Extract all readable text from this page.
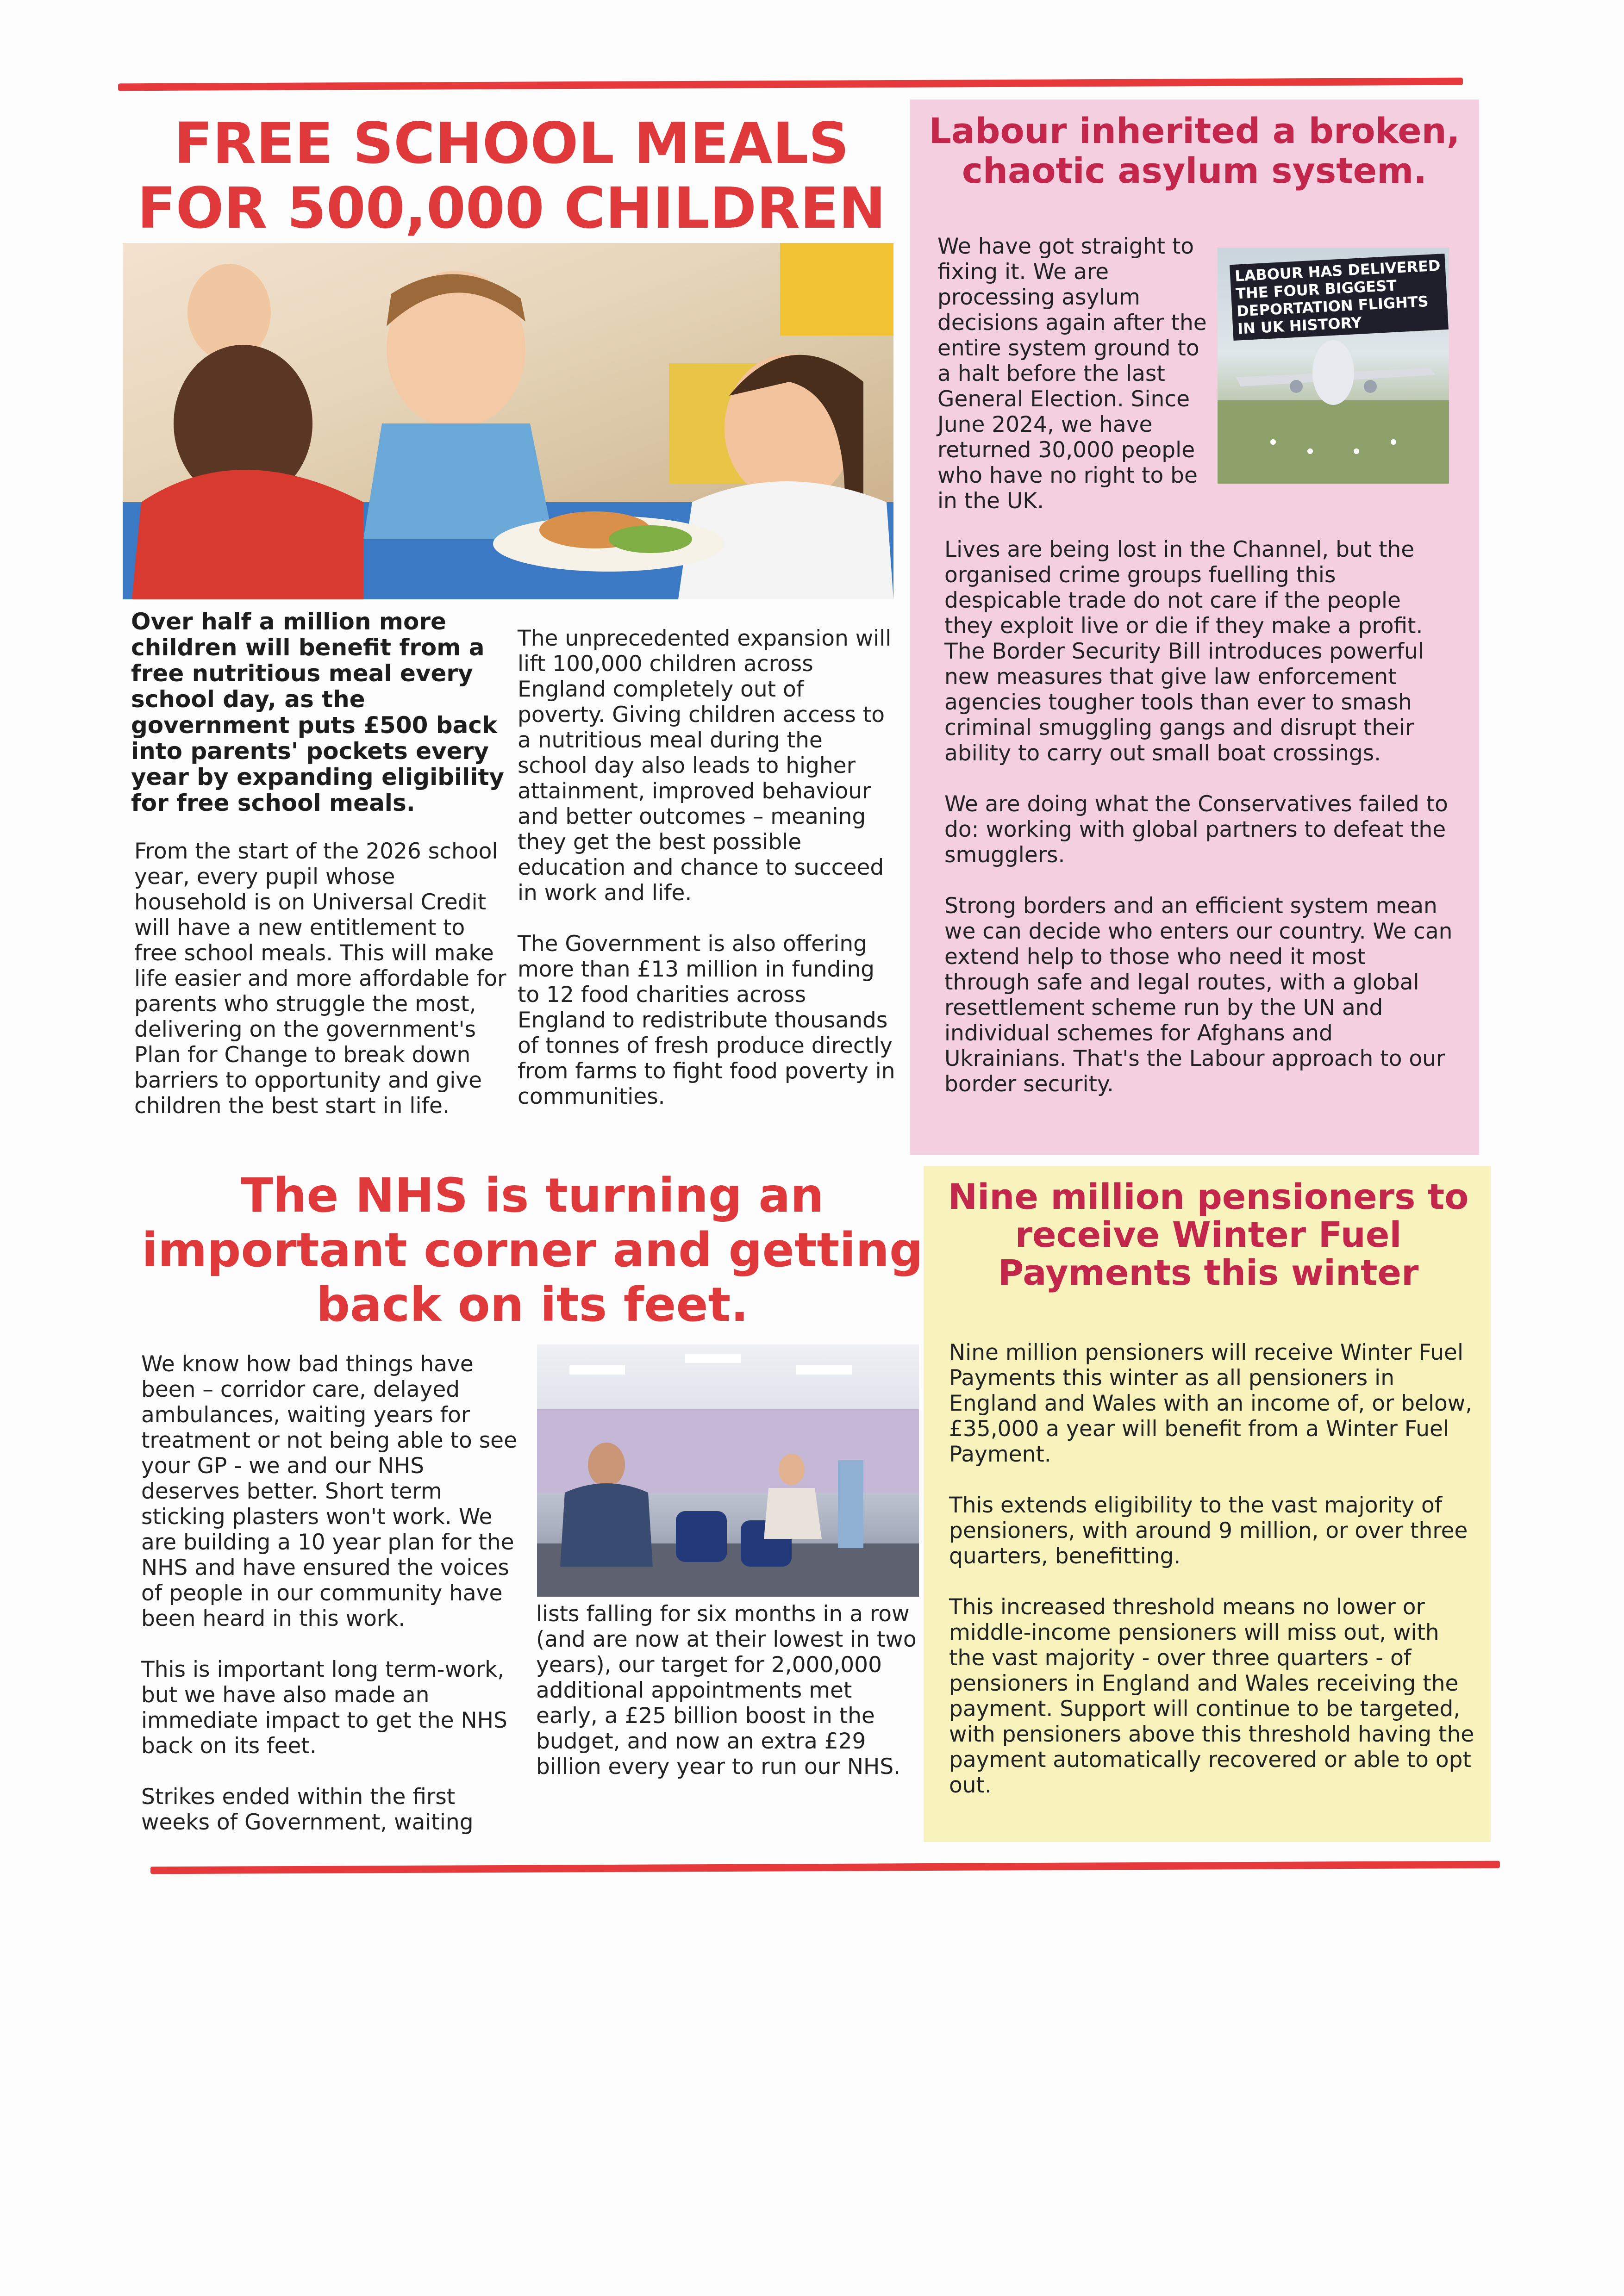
FREE SCHOOL MEALS FOR 500,000 CHILDREN
Over half a million more children will benefit from a free nutritious meal every school day, as the government puts £500 back into parents' pockets every year by expanding eligibility for free school meals.

From the start of the 2026 school year, every pupil whose household is on Universal Credit will have a new entitlement to free school meals. This will make life easier and more affordable for parents who struggle the most, delivering on the government's Plan for Change to break down barriers to opportunity and give children the best start in life.

The unprecedented expansion will lift 100,000 children across England completely out of poverty. Giving children access to a nutritious meal during the school day also leads to higher attainment, improved behaviour and better outcomes – meaning they get the best possible education and chance to succeed in work and life.

The Government is also offering more than £13 million in funding to 12 food charities across England to redistribute thousands of tonnes of fresh produce directly from farms to fight food poverty in communities.

Labour inherited a broken, chaotic asylum system.

We have got straight to fixing it. We are processing asylum decisions again after the entire system ground to a halt before the last General Election. Since June 2024, we have returned 30,000 people who have no right to be in the UK.

Lives are being lost in the Channel, but the organised crime groups fuelling this despicable trade do not care if the people they exploit live or die if they make a profit. The Border Security Bill introduces powerful new measures that give law enforcement agencies tougher tools than ever to smash criminal smuggling gangs and disrupt their ability to carry out small boat crossings.

We are doing what the Conservatives failed to do: working with global partners to defeat the smugglers.

Strong borders and an efficient system mean we can decide who enters our country. We can extend help to those who need it most through safe and legal routes, with a global resettlement scheme run by the UN and individual schemes for Afghans and Ukrainians. That's the Labour approach to our border security.

LABOUR HAS DELIVERED THE FOUR BIGGEST DEPORTATION FLIGHTS IN UK HISTORY
The NHS is turning an important corner and getting back on its feet.

We know how bad things have been – corridor care, delayed ambulances, waiting years for treatment or not being able to see your GP - we and our NHS deserves better. Short term sticking plasters won't work. We are building a 10 year plan for the NHS and have ensured the voices of people in our community have been heard in this work.

This is important long term-work, but we have also made an immediate impact to get the NHS back on its feet.

Strikes ended within the first weeks of Government, waiting

lists falling for six months in a row (and are now at their lowest in two years), our target for 2,000,000 additional appointments met early, a £25 billion boost in the budget, and now an extra £29 billion every year to run our NHS.

Nine million pensioners to receive Winter Fuel Payments this winter

Nine million pensioners will receive Winter Fuel Payments this winter as all pensioners in England and Wales with an income of, or below, £35,000 a year will benefit from a Winter Fuel Payment.

This extends eligibility to the vast majority of pensioners, with around 9 million, or over three quarters, benefitting.

This increased threshold means no lower or middle-income pensioners will miss out, with the vast majority - over three quarters - of pensioners in England and Wales receiving the payment. Support will continue to be targeted, with pensioners above this threshold having the payment automatically recovered or able to opt out.
